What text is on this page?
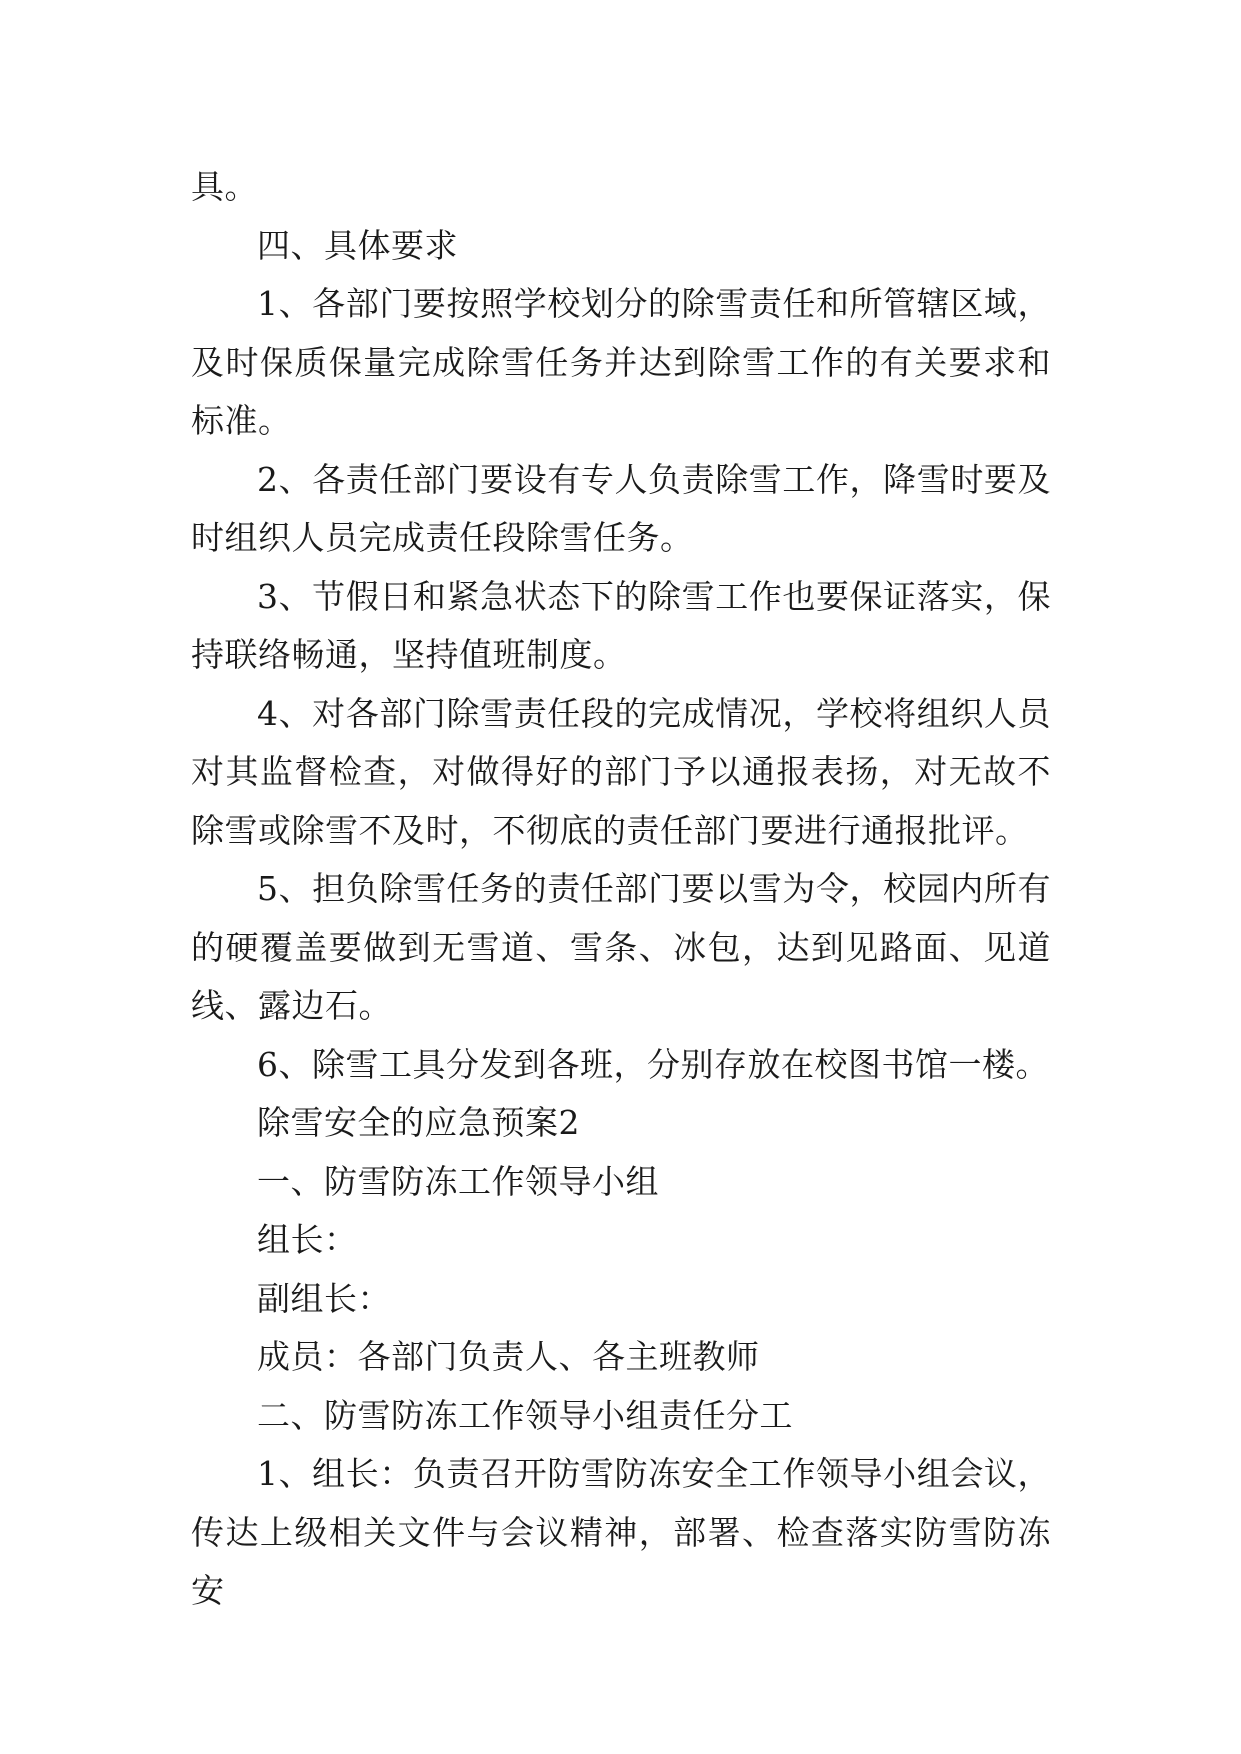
具。

四、具体要求

1、各部门要按照学校划分的除雪责任和所管辖区域，及时保质保量完成除雪任务并达到除雪工作的有关要求和标准。

2、各责任部门要设有专人负责除雪工作，降雪时要及时组织人员完成责任段除雪任务。

3、节假日和紧急状态下的除雪工作也要保证落实，保持联络畅通，坚持值班制度。

4、对各部门除雪责任段的完成情况，学校将组织人员对其监督检查，对做得好的部门予以通报表扬，对无故不除雪或除雪不及时，不彻底的责任部门要进行通报批评。

5、担负除雪任务的责任部门要以雪为令，校园内所有的硬覆盖要做到无雪道、雪条、冰包，达到见路面、见道线、露边石。

6、除雪工具分发到各班，分别存放在校图书馆一楼。

除雪安全的应急预案2

一、防雪防冻工作领导小组

组长：

副组长：

成员：各部门负责人、各主班教师

二、防雪防冻工作领导小组责任分工

1、组长：负责召开防雪防冻安全工作领导小组会议，传达上级相关文件与会议精神，部署、检查落实防雪防冻安
